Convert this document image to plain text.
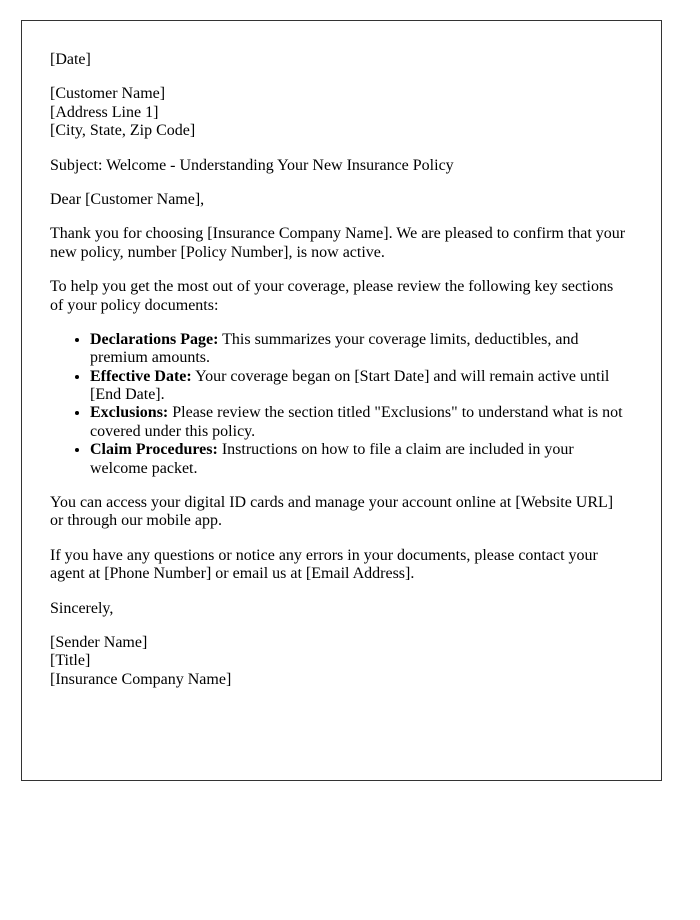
[Date]

[Customer Name]
[Address Line 1]
[City, State, Zip Code]

Subject: Welcome - Understanding Your New Insurance Policy

Dear [Customer Name],

Thank you for choosing [Insurance Company Name]. We are pleased to confirm that your new policy, number [Policy Number], is now active.

To help you get the most out of your coverage, please review the following key sections of your policy documents:

• Declarations Page: This summarizes your coverage limits, deductibles, and premium amounts.
• Effective Date: Your coverage began on [Start Date] and will remain active until [End Date].
• Exclusions: Please review the section titled "Exclusions" to understand what is not covered under this policy.
• Claim Procedures: Instructions on how to file a claim are included in your welcome packet.

You can access your digital ID cards and manage your account online at [Website URL] or through our mobile app.

If you have any questions or notice any errors in your documents, please contact your agent at [Phone Number] or email us at [Email Address].

Sincerely,

[Sender Name]
[Title]
[Insurance Company Name]
